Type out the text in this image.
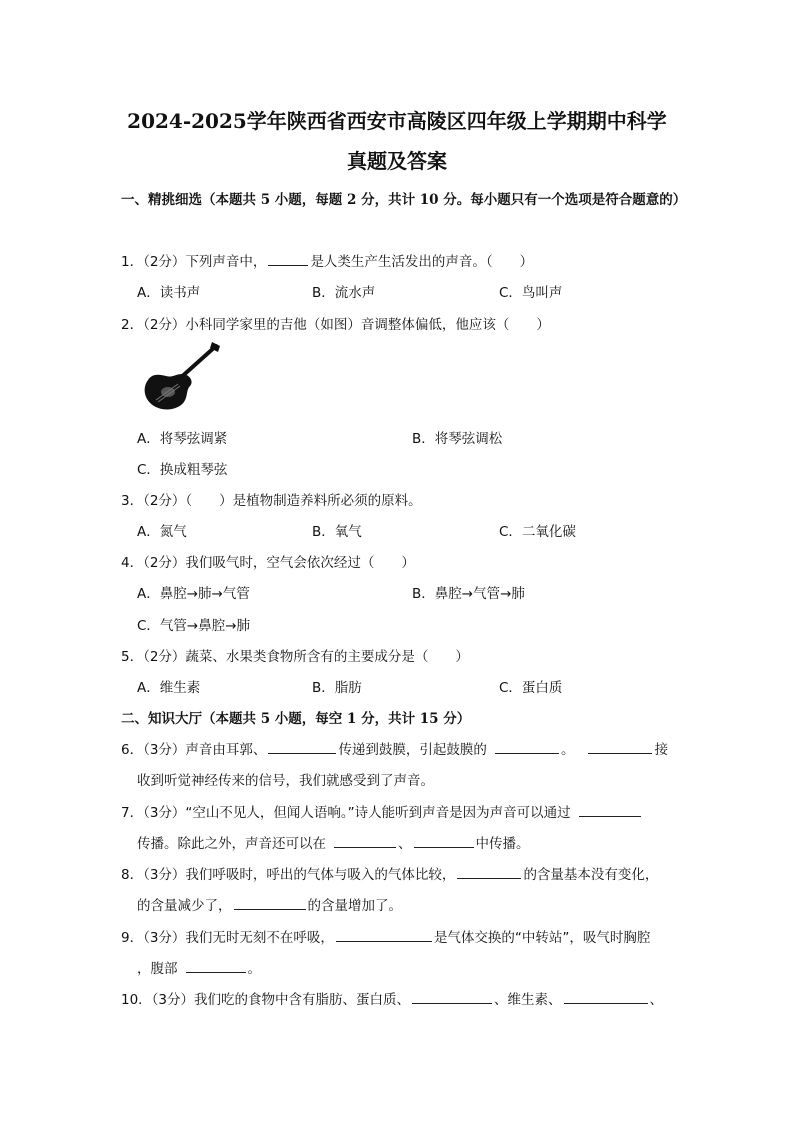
2024-2025学年陕西省西安市高陵区四年级上学期期中科学
真题及答案
一、精挑细选（本题共 5 小题，每题 2 分，共计 10 分。每小题只有一个选项是符合题意的）
1．（2分）下列声音中，	是人类生产生活发出的声音。（　　）
A．读书声	B．流水声	C．鸟叫声
2．（2分）小科同学家里的吉他（如图）音调整体偏低，他应该（　　）
A．将琴弦调紧	B．将琴弦调松
C．换成粗琴弦
3．（2分）（　　）是植物制造养料所必须的原料。
A．氮气	B．氧气	C．二氧化碳
4．（2分）我们吸气时，空气会依次经过（　　）
A．鼻腔→肺→气管	B．鼻腔→气管→肺
C．气管→鼻腔→肺
5．（2分）蔬菜、水果类食物所含有的主要成分是（　　）
A．维生素	B．脂肪	C．蛋白质
二、知识大厅（本题共 5 小题，每空 1 分，共计 15 分）
6．（3分）声音由耳郭、	传递到鼓膜，引起鼓膜的	。	接
收到听觉神经传来的信号，我们就感受到了声音。
7．（3分）“空山不见人，但闻人语响。”诗人能听到声音是因为声音可以通过
传播。除此之外，声音还可以在	、	中传播。
8．（3分）我们呼吸时，呼出的气体与吸入的气体比较，	的含量基本没有变化，
的含量减少了，	的含量增加了。
9．（3分）我们无时无刻不在呼吸，	是气体交换的“中转站”，吸气时胸腔
，腹部	。
10．（3分）我们吃的食物中含有脂肪、蛋白质、	、维生素、	、
